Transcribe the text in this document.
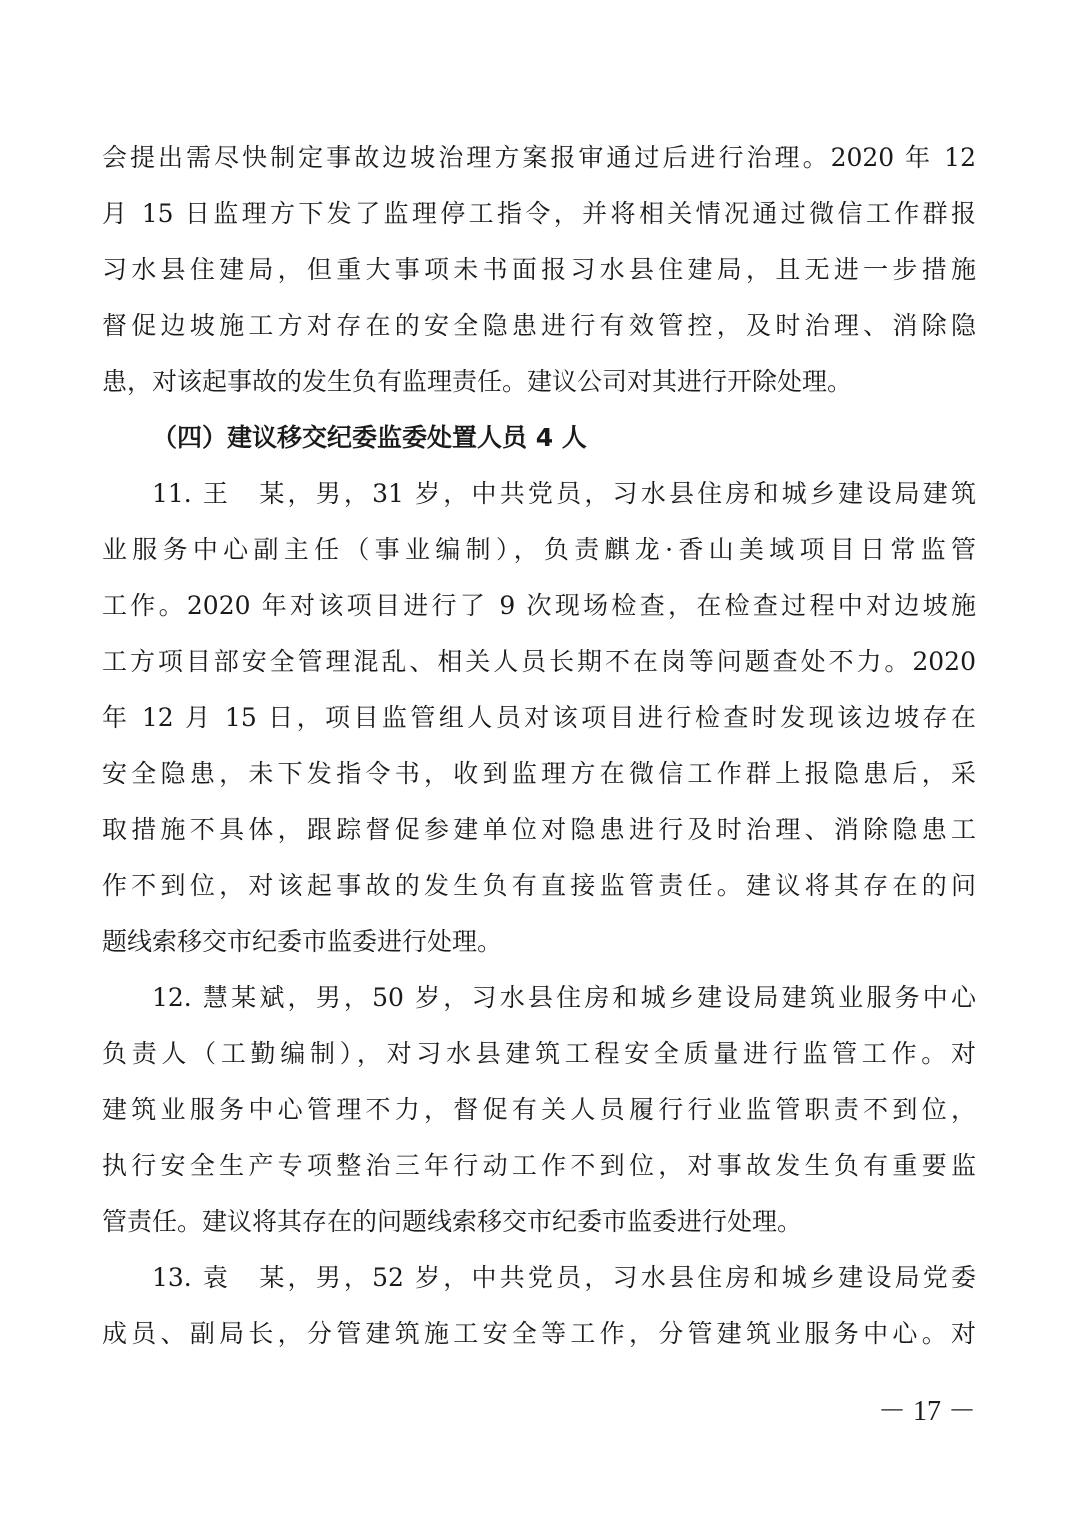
会提出需尽快制定事故边坡治理方案报审通过后进行治理。2020 年 12
月 15 日监理方下发了监理停工指令，并将相关情况通过微信工作群报
习水县住建局，但重大事项未书面报习水县住建局，且无进一步措施
督促边坡施工方对存在的安全隐患进行有效管控，及时治理、消除隐
患，对该起事故的发生负有监理责任。建议公司对其进行开除处理。
（四）建议移交纪委监委处置人员 4 人
11. 王　某，男，31 岁，中共党员，习水县住房和城乡建设局建筑
业服务中心副主任（事业编制），负责麒龙·香山美域项目日常监管
工作。2020 年对该项目进行了 9 次现场检查，在检查过程中对边坡施
工方项目部安全管理混乱、相关人员长期不在岗等问题查处不力。2020
年 12 月 15 日，项目监管组人员对该项目进行检查时发现该边坡存在
安全隐患，未下发指令书，收到监理方在微信工作群上报隐患后，采
取措施不具体，跟踪督促参建单位对隐患进行及时治理、消除隐患工
作不到位，对该起事故的发生负有直接监管责任。建议将其存在的问
题线索移交市纪委市监委进行处理。
12. 慧某斌，男，50 岁，习水县住房和城乡建设局建筑业服务中心
负责人（工勤编制），对习水县建筑工程安全质量进行监管工作。对
建筑业服务中心管理不力，督促有关人员履行行业监管职责不到位，
执行安全生产专项整治三年行动工作不到位，对事故发生负有重要监
管责任。建议将其存在的问题线索移交市纪委市监委进行处理。
13. 袁　某，男，52 岁，中共党员，习水县住房和城乡建设局党委
成员、副局长，分管建筑施工安全等工作，分管建筑业服务中心。对
－ 17 －
